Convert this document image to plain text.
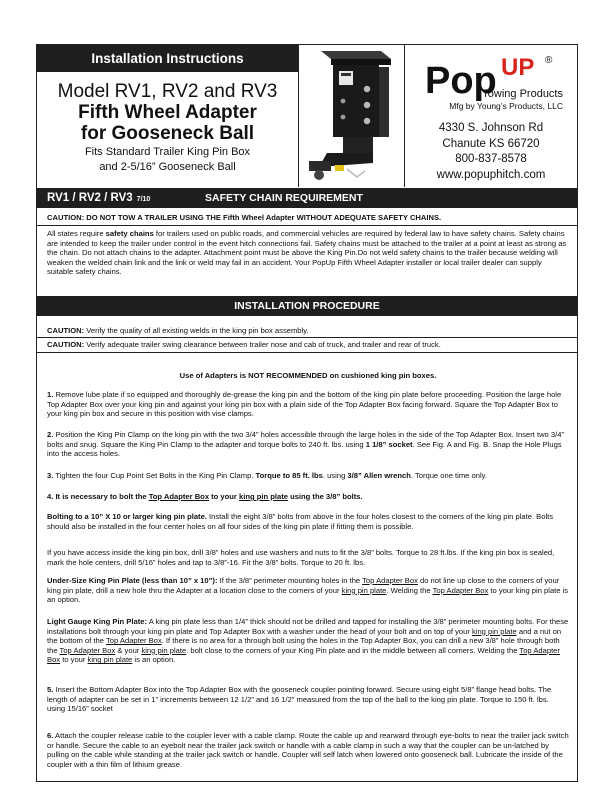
Installation Instructions
Model RV1, RV2 and RV3
Fifth Wheel Adapter
for Gooseneck Ball
Fits Standard Trailer King Pin Box
and 2-5/16” Gooseneck Ball
Pop UP ®
Towing Products
Mfg by Young’s Products, LLC
4330 S. Johnson Rd
Chanute KS 66720
800-837-8578
www.popuphitch.com
RV1 / RV2 / RV3 7/10	SAFETY CHAIN REQUIREMENT
CAUTION: DO NOT TOW A TRAILER USING THE Fifth Wheel Adapter WITHOUT ADEQUATE SAFETY CHAINS.
All states require safety chains for trailers used on public roads, and commercial vehicles are required by federal law to have safety chains. Safety chains are intended to keep the trailer under control in the event hitch connections fail. Safety chains must be attached to the trailer at a point at least as strong as the chain. Do not attach chains to the adapter. Attachment point must be above the King Pin.Do not weld safety chains to the trailer because welding will weaken the welded chain link and the link or weld may fail in an accident. Your PopUp Fifth Wheel Adapter installer or local trailer dealer can supply suitable safety chains.
INSTALLATION PROCEDURE
CAUTION: Verify the quality of all existing welds in the king pin box assembly.
CAUTION: Verify adequate trailer swing clearance between trailer nose and cab of truck, and trailer and rear of truck.
Use of Adapters is NOT RECOMMENDED on cushioned king pin boxes.
1. Remove lube plate if so equipped and thoroughly de-grease the king pin and the bottom of the king pin plate before proceeding. Position the large hole Top Adapter Box over your king pin and against your king pin box with a plain side of the Top Adapter Box facing forward. Square the Top Adapter Box to your king pin box and secure in this position with vise clamps.
2. Position the King Pin Clamp on the king pin with the two 3/4” holes accessible through the large holes in the side of the Top Adapter Box. Insert two 3/4” bolts and snug. Square the King Pin Clamp to the adapter and torque bolts to 240 ft. lbs. using 1 1/8” socket. See Fig. A and Fig. B. Snap the Hole Plugs into the access holes.
3. Tighten the four Cup Point Set Bolts in the King Pin Clamp. Torque to 85 ft. lbs. using 3/8” Allen wrench. Torque one time only.
4. It is necessary to bolt the Top Adapter Box to your king pin plate using the 3/8” bolts.
Bolting to a 10” X 10 or larger king pin plate. Install the eight 3/8” bolts from above in the four holes closest to the corners of the king pin plate. Bolts should also be installed in the four center holes on all four sides of the king pin plate if fitting them is possible.
If you have access inside the king pin box, drill 3/8” holes and use washers and nuts to fit the 3/8” bolts. Torque to 28 ft.lbs. If the king pin box is sealed, mark the hole centers, drill 5/16” holes and tap to 3/8”-16. Fit the 3/8” bolts. Torque to 20 ft. lbs.
Under-Size King Pin Plate (less than 10” x 10”): If the 3/8” perimeter mounting holes in the Top Adapter Box do not line up close to the corners of your king pin plate, drill a new hole thru the Adapter at a location close to the corners of your king pin plate. Welding the Top Adapter Box to your king pin plate is an option.
Light Gauge King Pin Plate: A king pin plate less than 1/4” thick should not be drilled and tapped for installing the 3/8” perimeter mounting bolts. For these installations bolt through your king pin plate and Top Adapter Box with a washer under the head of your bolt and on top of your king pin plate and a nut on the bottom of the Top Adapter Box. If there is no area for a through bolt using the holes in the Top Adapter Box, you can drill a new 3/8” hole through both the Top Adapter Box & your king pin plate. bolt close to the corners of your King Pin plate and in the middle between all corners. Welding the Top Adapter Box to your king pin plate is an option.
5. Insert the Bottom Adapter Box into the Top Adapter Box with the gooseneck coupler pointing forward. Secure using eight 5/8” flange head bolts. The length of adapter can be set in 1” increments between 12 1/2” and 16 1/2” measured from the top of the ball to the king pin plate. Torque to 150 ft. lbs. using 15/16” socket
6. Attach the coupler release cable to the coupler lever with a cable clamp. Route the cable up and rearward through eye-bolts to near the trailer jack switch or handle. Secure the cable to an eyebolt near the trailer jack switch or handle with a cable clamp in such a way that the coupler can be un-latched by pulling on the cable while standing at the trailer jack switch or handle. Coupler will self latch when lowered onto gooseneck ball. Lubricate the inside of the coupler with a thin film of lithium grease.
